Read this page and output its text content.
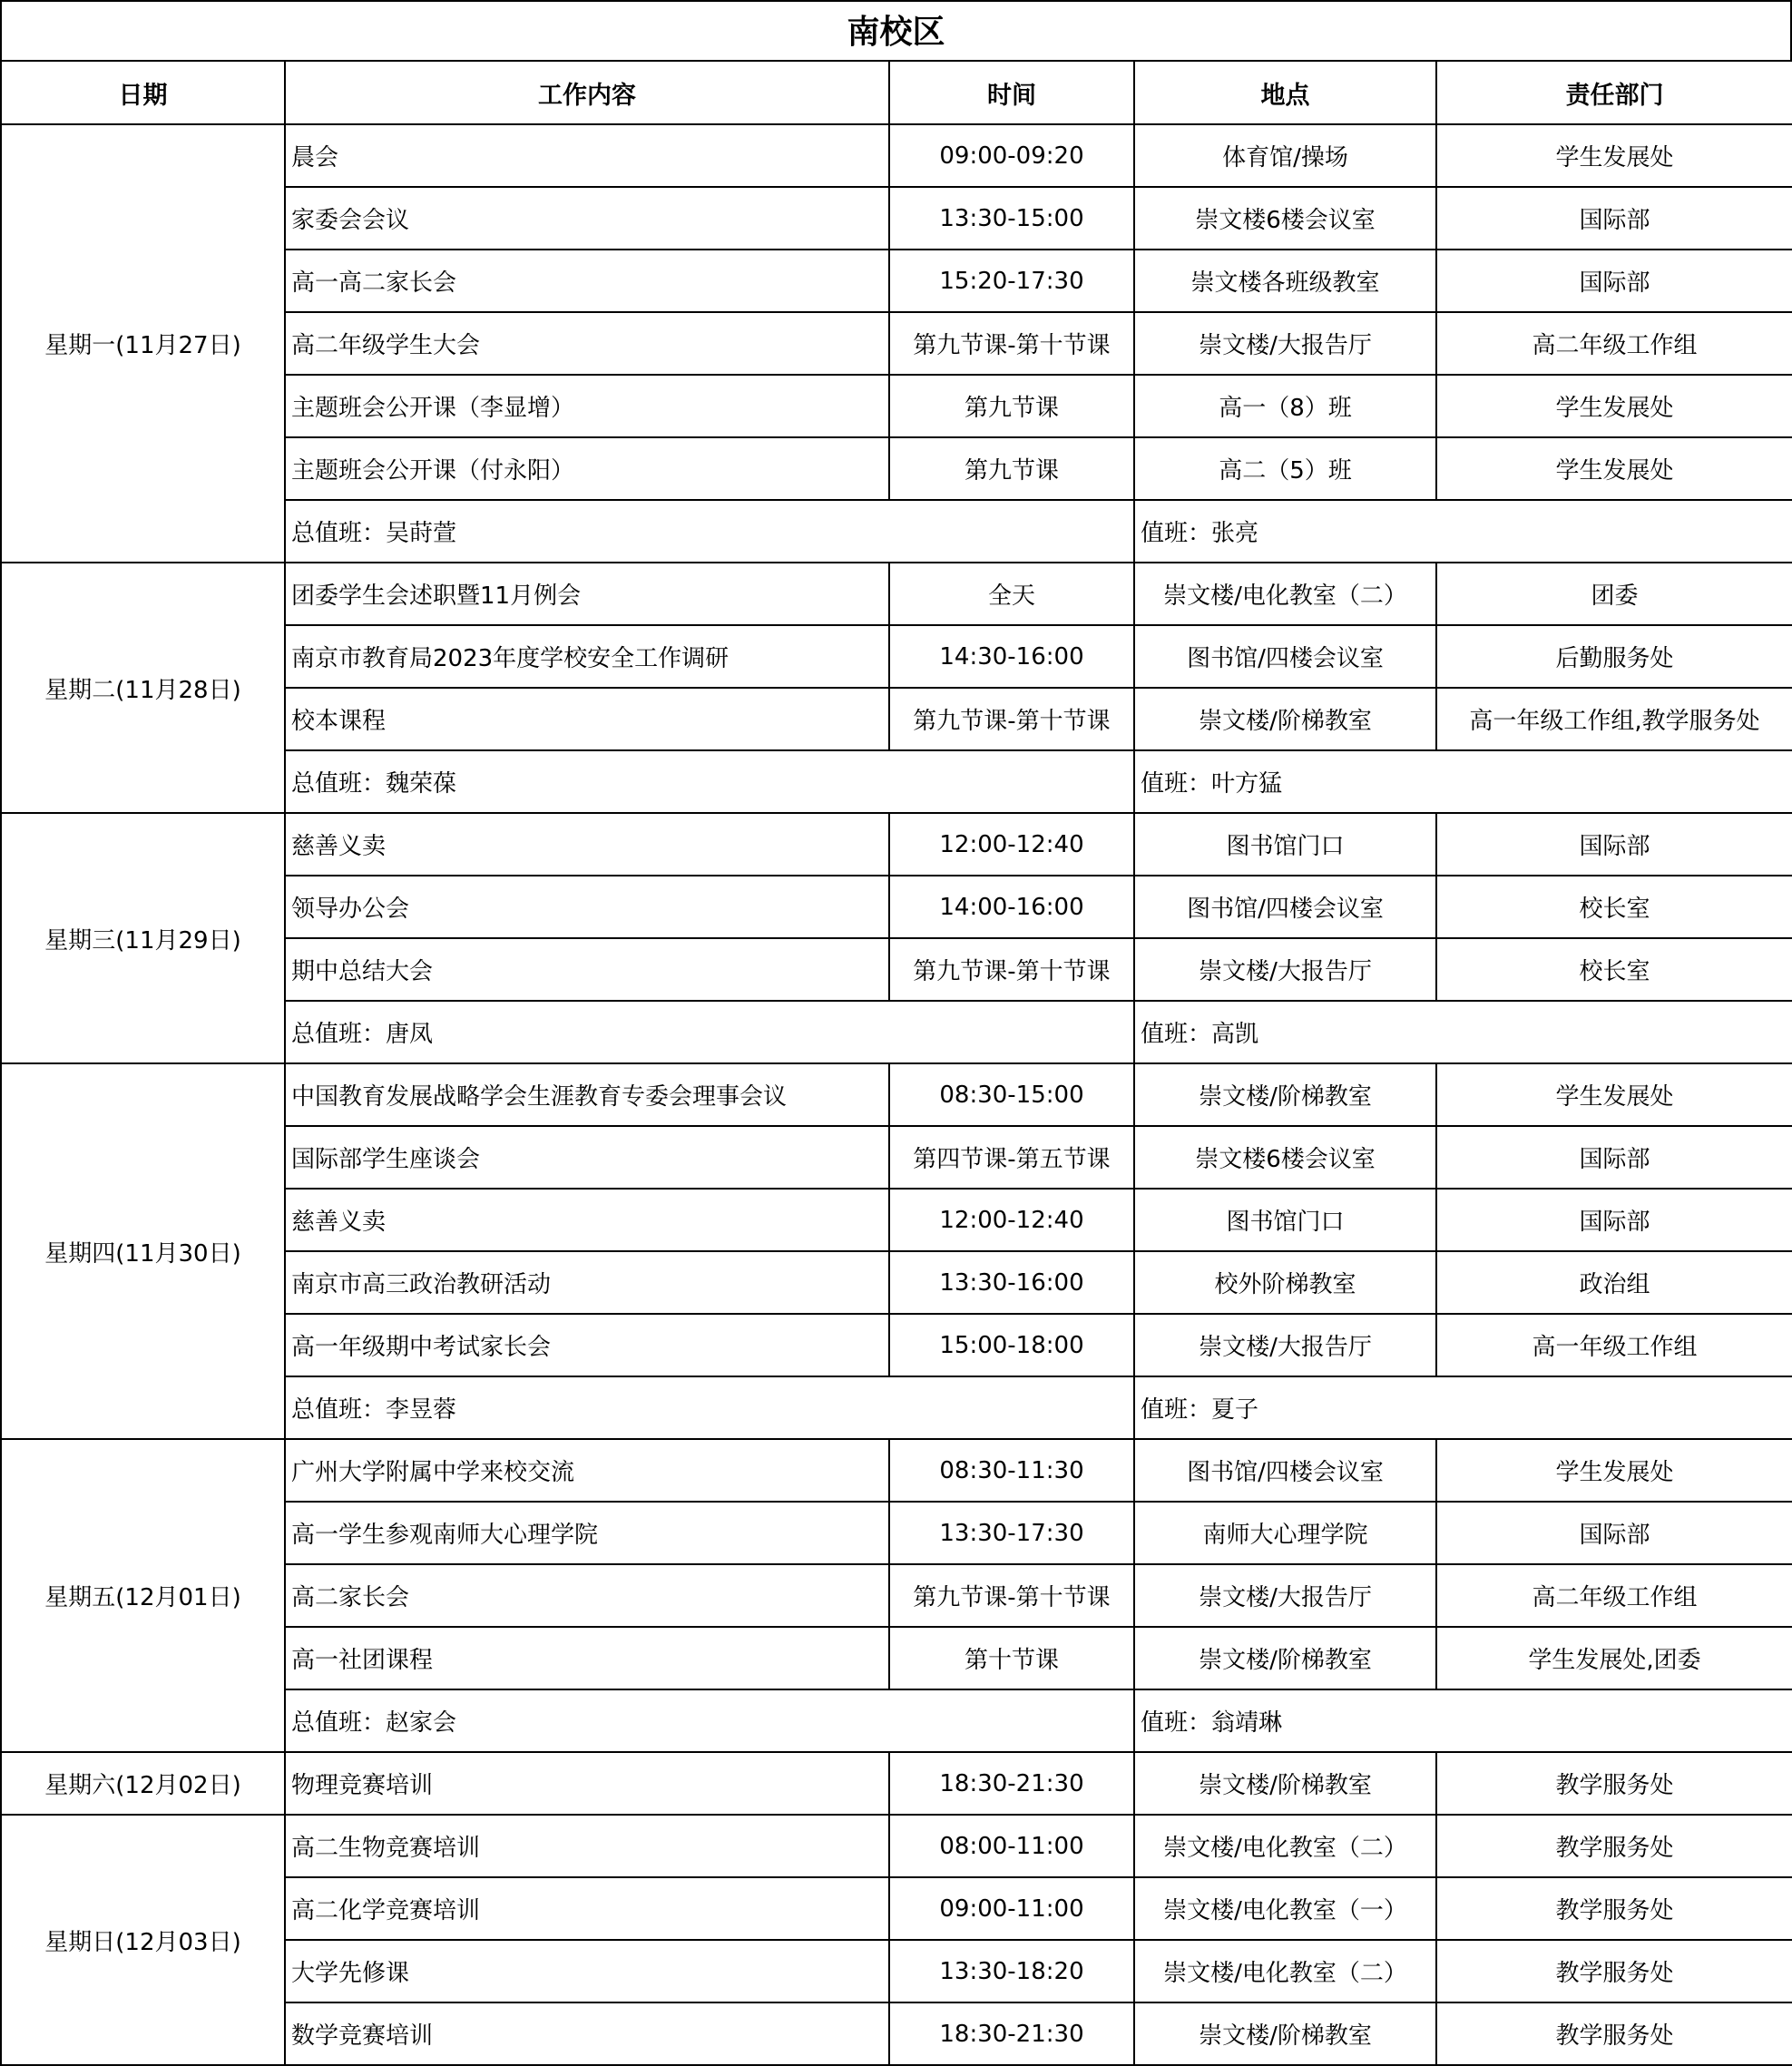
南校区
日期	工作内容	时间	地点	责任部门
星期一(11月27日)	晨会	09:00-09:20	体育馆/操场	学生发展处
	家委会会议	13:30-15:00	崇文楼6楼会议室	国际部
	高一高二家长会	15:20-17:30	崇文楼各班级教室	国际部
	高二年级学生大会	第九节课-第十节课	崇文楼/大报告厅	高二年级工作组
	主题班会公开课（李显增）	第九节课	高一（8）班	学生发展处
	主题班会公开课（付永阳）	第九节课	高二（5）班	学生发展处
	总值班：吴莳萱		值班：张亮	
星期二(11月28日)	团委学生会述职暨11月例会	全天	崇文楼/电化教室（二）	团委
	南京市教育局2023年度学校安全工作调研	14:30-16:00	图书馆/四楼会议室	后勤服务处
	校本课程	第九节课-第十节课	崇文楼/阶梯教室	高一年级工作组,教学服务处
	总值班：魏荣葆		值班：叶方猛	
星期三(11月29日)	慈善义卖	12:00-12:40	图书馆门口	国际部
	领导办公会	14:00-16:00	图书馆/四楼会议室	校长室
	期中总结大会	第九节课-第十节课	崇文楼/大报告厅	校长室
	总值班：唐凤		值班：高凯	
星期四(11月30日)	中国教育发展战略学会生涯教育专委会理事会议	08:30-15:00	崇文楼/阶梯教室	学生发展处
	国际部学生座谈会	第四节课-第五节课	崇文楼6楼会议室	国际部
	慈善义卖	12:00-12:40	图书馆门口	国际部
	南京市高三政治教研活动	13:30-16:00	校外阶梯教室	政治组
	高一年级期中考试家长会	15:00-18:00	崇文楼/大报告厅	高一年级工作组
	总值班：李昱蓉		值班：夏子	
星期五(12月01日)	广州大学附属中学来校交流	08:30-11:30	图书馆/四楼会议室	学生发展处
	高一学生参观南师大心理学院	13:30-17:30	南师大心理学院	国际部
	高二家长会	第九节课-第十节课	崇文楼/大报告厅	高二年级工作组
	高一社团课程	第十节课	崇文楼/阶梯教室	学生发展处,团委
	总值班：赵家会		值班：翁靖琳	
星期六(12月02日)	物理竞赛培训	18:30-21:30	崇文楼/阶梯教室	教学服务处
星期日(12月03日)	高二生物竞赛培训	08:00-11:00	崇文楼/电化教室（二）	教学服务处
	高二化学竞赛培训	09:00-11:00	崇文楼/电化教室（一）	教学服务处
	大学先修课	13:30-18:20	崇文楼/电化教室（二）	教学服务处
	数学竞赛培训	18:30-21:30	崇文楼/阶梯教室	教学服务处
